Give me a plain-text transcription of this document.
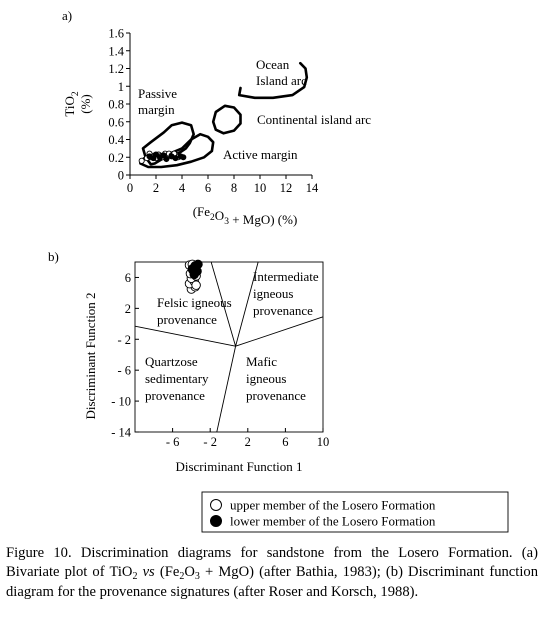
a)
0 2 4 6 8 10 12 14
0
0.2
0.4
0.6
0.8
1
1.2
1.4
1.6
TiO$_2$
(%)
$(Fe_2O_3 + MgO)$ (%)
Passive
margin
Active margin
Continental island arc
Ocean
Island arc
b)
- 6 - 2 2	6 10
6
2
- 2
- 6
- 10
- 14
Discriminant Function 1
Discriminant Function 2	Felsic igneous
provenance
Intermediate
igneous
provenance
Quartzose
sedimentary
provenance
Mafic
igneous
provenance
upper member of the Losero Formation
lower member of the Losero Formation

Figure 10. Discrimination diagrams for sandstone from the Losero Formation. (a) Bivariate plot of TiO$_2$ vs $(Fe_2O_3 + MgO)$ (after Bathia, 1983); (b) Discriminant function diagram for the provenance signatures (after Roser and Korsch, 1988).
